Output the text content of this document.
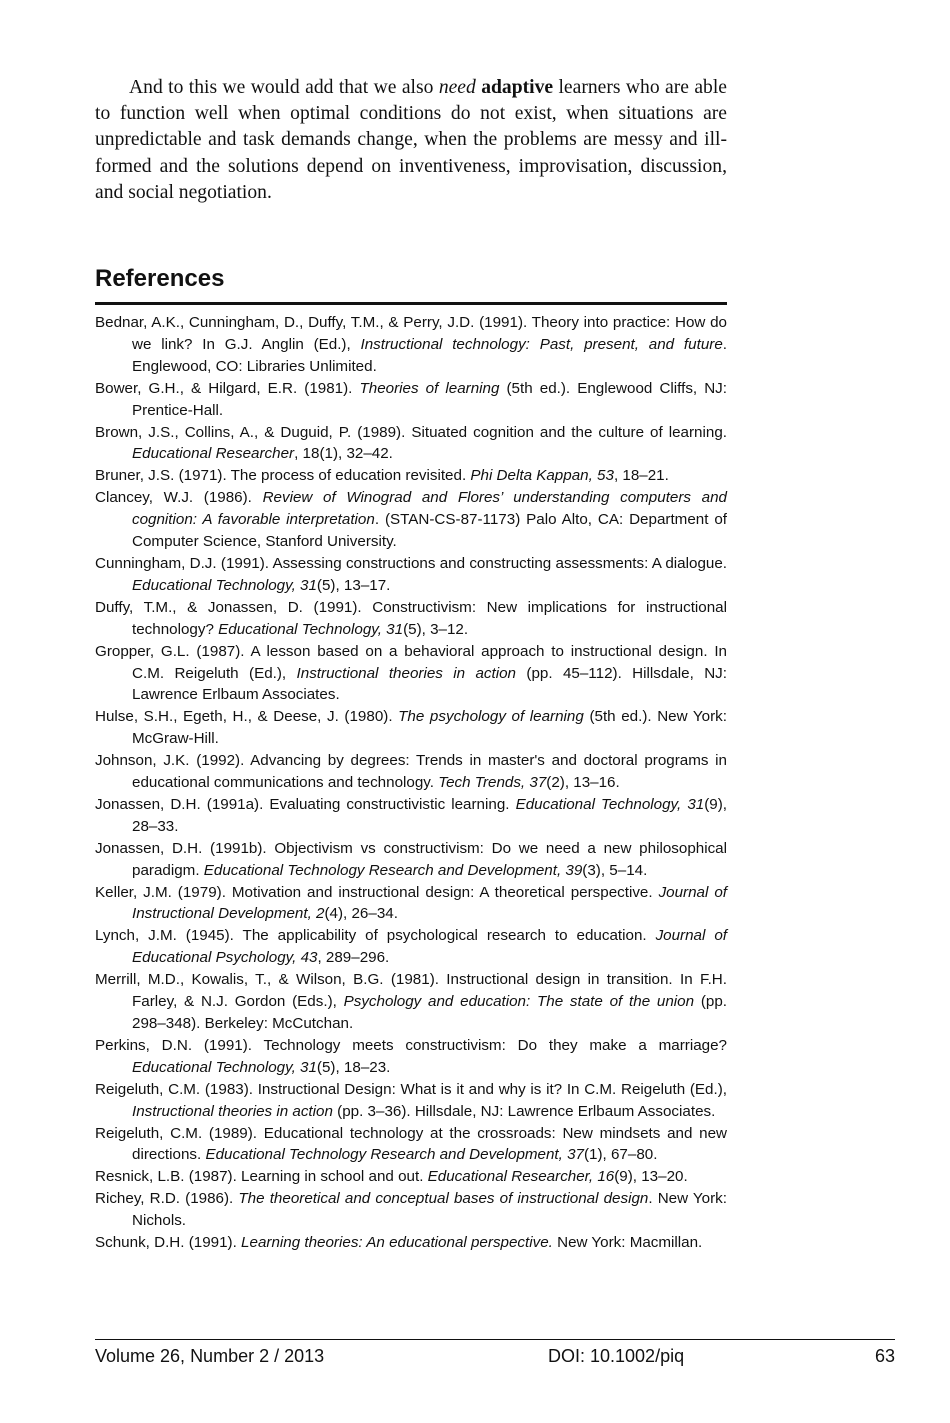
And to this we would add that we also need adaptive learners who are able to function well when optimal conditions do not exist, when situations are unpredictable and task demands change, when the problems are messy and ill-formed and the solutions depend on inventiveness, improvisation, discussion, and social negotiation.

References
Bednar, A.K., Cunningham, D., Duffy, T.M., & Perry, J.D. (1991). Theory into practice: How do we link? In G.J. Anglin (Ed.), Instructional technology: Past, present, and future. Englewood, CO: Libraries Unlimited.
Bower, G.H., & Hilgard, E.R. (1981). Theories of learning (5th ed.). Englewood Cliffs, NJ: Prentice-Hall.
Brown, J.S., Collins, A., & Duguid, P. (1989). Situated cognition and the culture of learning. Educational Researcher, 18(1), 32–42.
Bruner, J.S. (1971). The process of education revisited. Phi Delta Kappan, 53, 18–21.
Clancey, W.J. (1986). Review of Winograd and Flores’ understanding computers and cognition: A favorable interpretation. (STAN-CS-87-1173) Palo Alto, CA: Department of Computer Science, Stanford University.
Cunningham, D.J. (1991). Assessing constructions and constructing assessments: A dialogue. Educational Technology, 31(5), 13–17.
Duffy, T.M., & Jonassen, D. (1991). Constructivism: New implications for instructional technology? Educational Technology, 31(5), 3–12.
Gropper, G.L. (1987). A lesson based on a behavioral approach to instructional design. In C.M. Reigeluth (Ed.), Instructional theories in action (pp. 45–112). Hillsdale, NJ: Lawrence Erlbaum Associates.
Hulse, S.H., Egeth, H., & Deese, J. (1980). The psychology of learning (5th ed.). New York: McGraw-Hill.
Johnson, J.K. (1992). Advancing by degrees: Trends in master's and doctoral programs in educational communications and technology. Tech Trends, 37(2), 13–16.
Jonassen, D.H. (1991a). Evaluating constructivistic learning. Educational Technology, 31(9), 28–33.
Jonassen, D.H. (1991b). Objectivism vs constructivism: Do we need a new philosophical paradigm. Educational Technology Research and Development, 39(3), 5–14.
Keller, J.M. (1979). Motivation and instructional design: A theoretical perspective. Journal of Instructional Development, 2(4), 26–34.
Lynch, J.M. (1945). The applicability of psychological research to education. Journal of Educational Psychology, 43, 289–296.
Merrill, M.D., Kowalis, T., & Wilson, B.G. (1981). Instructional design in transition. In F.H. Farley, & N.J. Gordon (Eds.), Psychology and education: The state of the union (pp. 298–348). Berkeley: McCutchan.
Perkins, D.N. (1991). Technology meets constructivism: Do they make a marriage? Educational Technology, 31(5), 18–23.
Reigeluth, C.M. (1983). Instructional Design: What is it and why is it? In C.M. Reigeluth (Ed.), Instructional theories in action (pp. 3–36). Hillsdale, NJ: Lawrence Erlbaum Associates.
Reigeluth, C.M. (1989). Educational technology at the crossroads: New mindsets and new directions. Educational Technology Research and Development, 37(1), 67–80.
Resnick, L.B. (1987). Learning in school and out. Educational Researcher, 16(9), 13–20.
Richey, R.D. (1986). The theoretical and conceptual bases of instructional design. New York: Nichols.
Schunk, D.H. (1991). Learning theories: An educational perspective. New York: Macmillan.
Volume 26, Number 2 / 2013	DOI: 10.1002/piq	63
